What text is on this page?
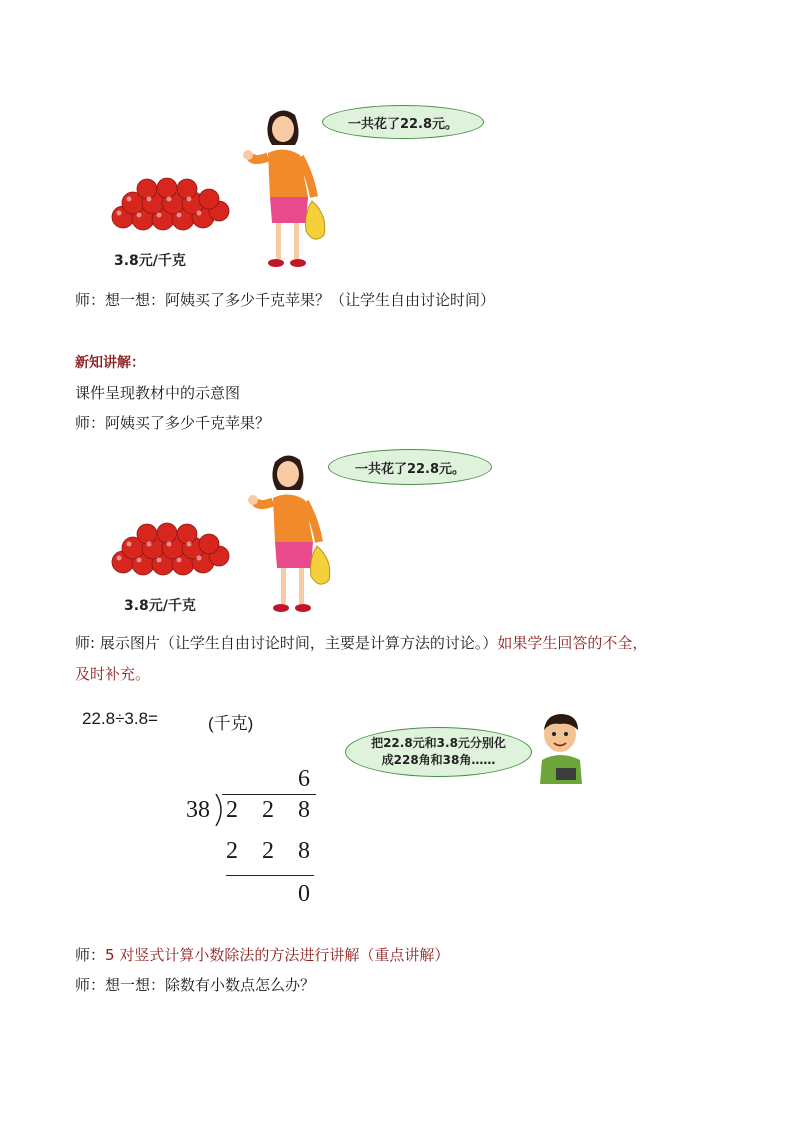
3.8元/千克
一共花了22.8元。
师：想一想：阿姨买了多少千克苹果？（让学生自由讨论时间）
新知讲解：
课件呈现教材中的示意图
师：阿姨买了多少千克苹果？
3.8元/千克
一共花了22.8元。
师: 展示图片（让学生自由讨论时间，主要是计算方法的讨论。）如果学生回答的不全，
及时补充。
22.8÷3.8=	(千克)
把22.8元和3.8元分别化
成228角和38角……
6
38 2 2 8
2 2 8
0
师：5 对竖式计算小数除法的方法进行讲解（重点讲解）
师：想一想：除数有小数点怎么办？
